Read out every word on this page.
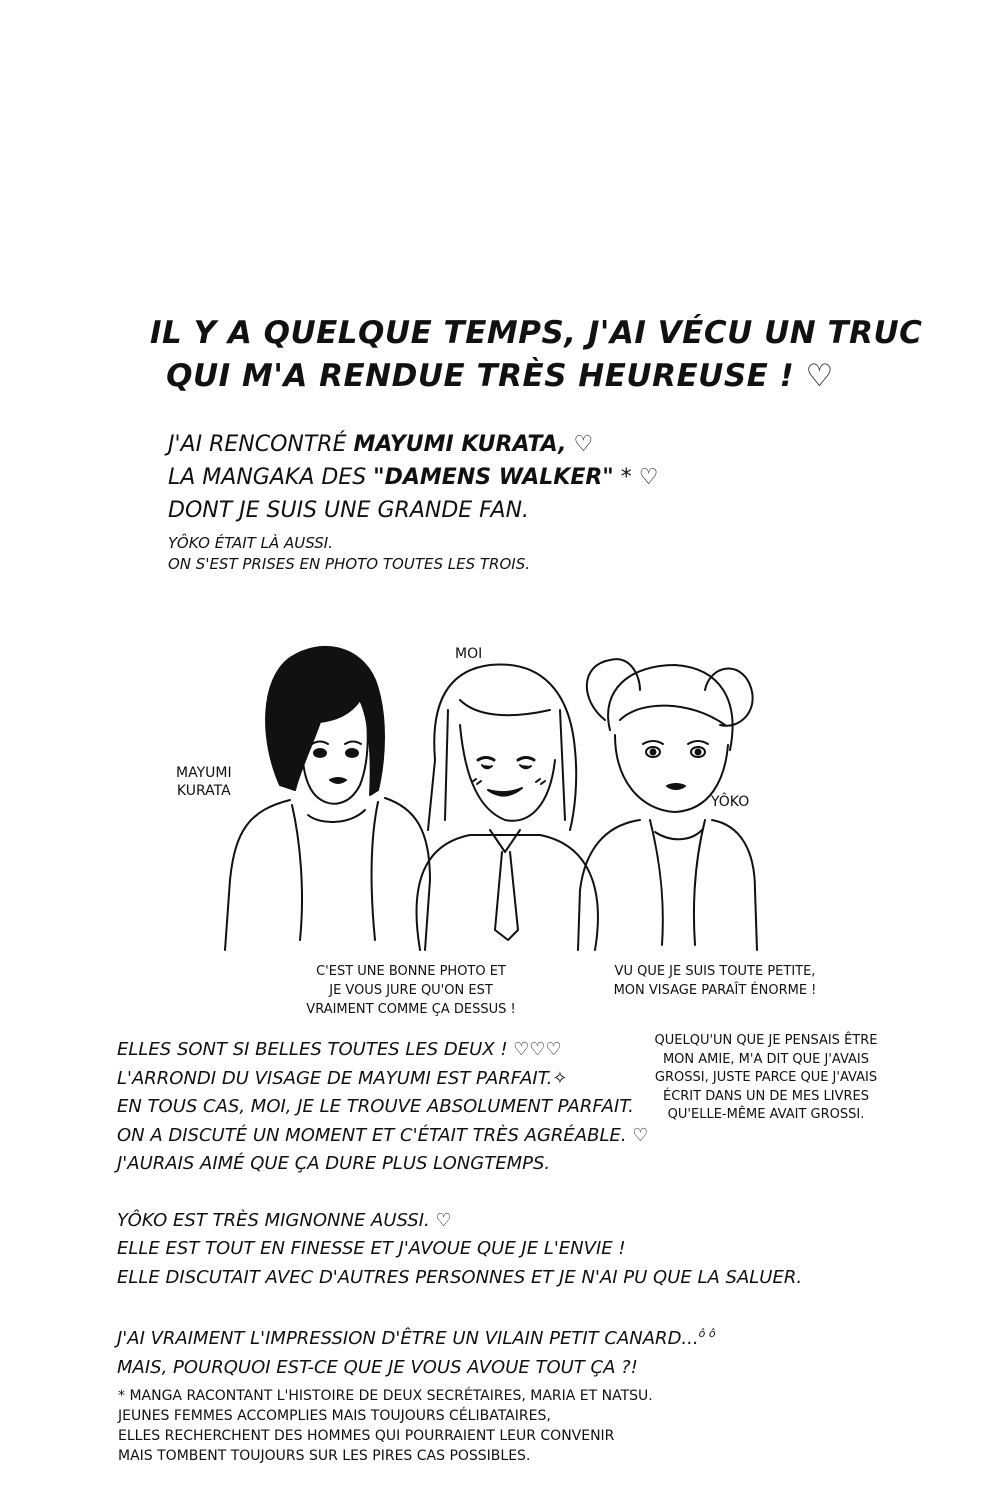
IL Y A QUELQUE TEMPS, J'AI VÉCU UN TRUC
QUI M'A RENDUE TRÈS HEUREUSE ! ♡
J'AI RENCONTRÉ MAYUMI KURATA, ♡
LA MANGAKA DES "DAMENS WALKER" * ♡
DONT JE SUIS UNE GRANDE FAN.
YÔKO ÉTAIT LÀ AUSSI.
ON S'EST PRISES EN PHOTO TOUTES LES TROIS.
MOI
MAYUMI
KURATA
YÔKO
C'EST UNE BONNE PHOTO ET
JE VOUS JURE QU'ON EST
VRAIMENT COMME ÇA DESSUS !
VU QUE JE SUIS TOUTE PETITE,
MON VISAGE PARAÎT ÉNORME !
ELLES SONT SI BELLES TOUTES LES DEUX ! ♡♡♡
L'ARRONDI DU VISAGE DE MAYUMI EST PARFAIT.✧
EN TOUS CAS, MOI, JE LE TROUVE ABSOLUMENT PARFAIT.
ON A DISCUTÉ UN MOMENT ET C'ÉTAIT TRÈS AGRÉABLE. ♡
J'AURAIS AIMÉ QUE ÇA DURE PLUS LONGTEMPS.
YÔKO EST TRÈS MIGNONNE AUSSI. ♡
ELLE EST TOUT EN FINESSE ET J'AVOUE QUE JE L'ENVIE !
ELLE DISCUTAIT AVEC D'AUTRES PERSONNES ET JE N'AI PU QUE LA SALUER.
J'AI VRAIMENT L'IMPRESSION D'ÊTRE UN VILAIN PETIT CANARD...$^{ô ô}$
MAIS, POURQUOI EST-CE QUE JE VOUS AVOUE TOUT ÇA ?!
QUELQU'UN QUE JE PENSAIS ÊTRE
MON AMIE, M'A DIT QUE J'AVAIS
GROSSI, JUSTE PARCE QUE J'AVAIS
ÉCRIT DANS UN DE MES LIVRES
QU'ELLE-MÊME AVAIT GROSSI.
* MANGA RACONTANT L'HISTOIRE DE DEUX SECRÉTAIRES, MARIA ET NATSU.
JEUNES FEMMES ACCOMPLIES MAIS TOUJOURS CÉLIBATAIRES,
ELLES RECHERCHENT DES HOMMES QUI POURRAIENT LEUR CONVENIR
MAIS TOMBENT TOUJOURS SUR LES PIRES CAS POSSIBLES.
